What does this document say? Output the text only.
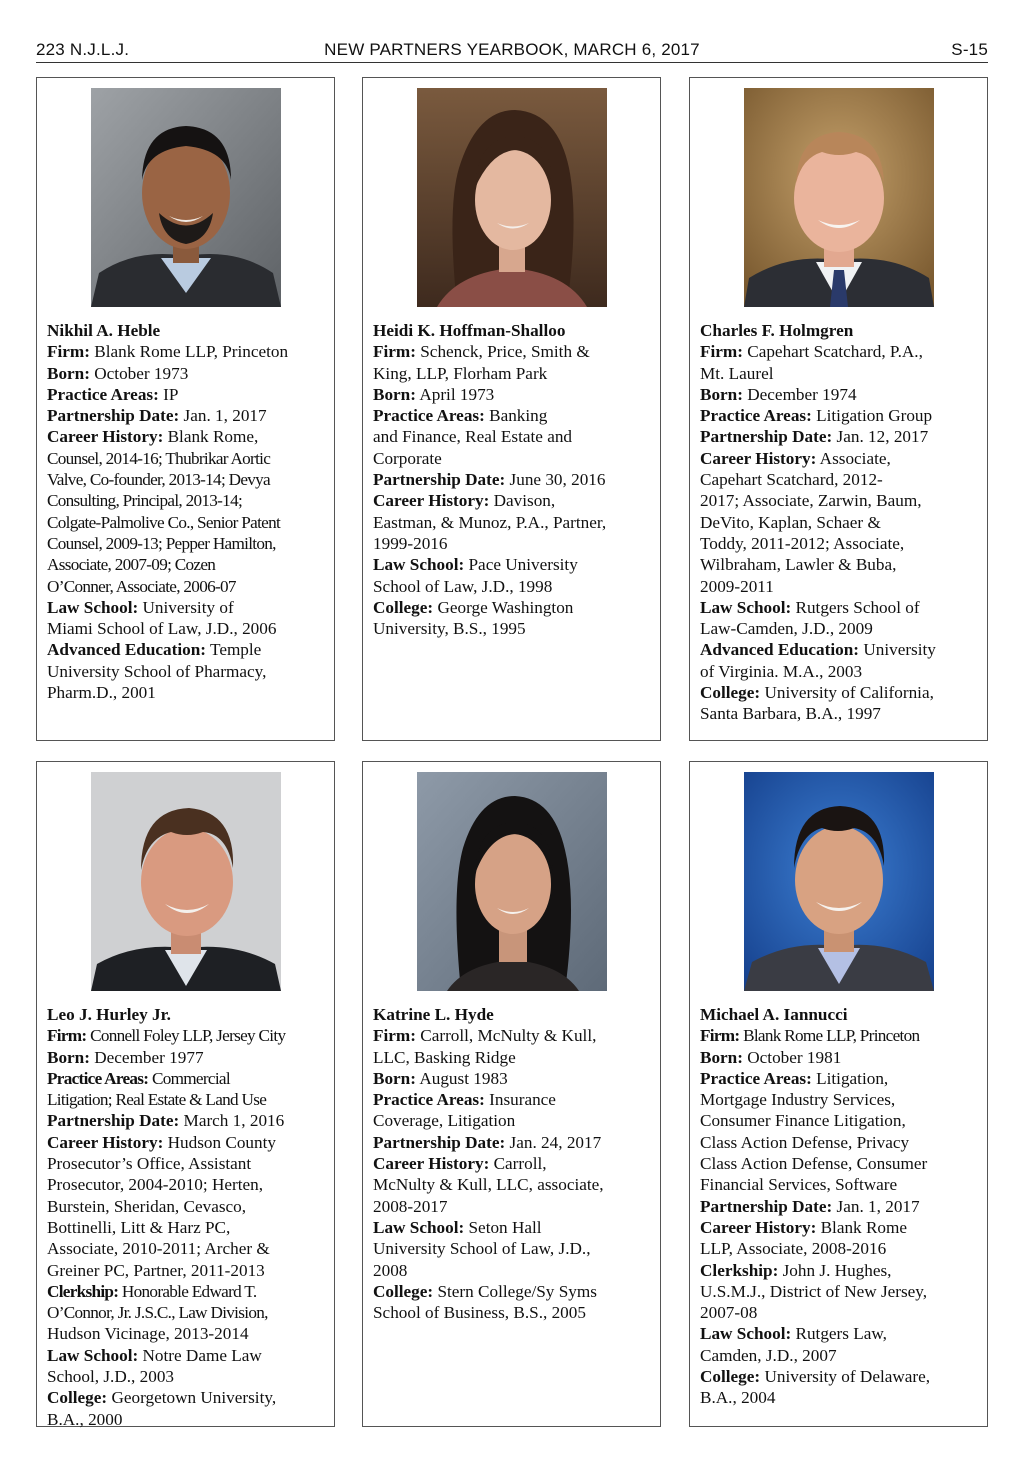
223 N.J.L.J.	NEW PARTNERS YEARBOOK, MARCH 6, 2017	S-15

Nikhil A. Heble

Firm: Blank Rome LLP, Princeton

Born: October 1973

Practice Areas: IP

Partnership Date: Jan. 1, 2017

Career History: Blank Rome,

Counsel, 2014-16; Thubrikar Aortic

Valve, Co-founder, 2013-14; Devya

Consulting, Principal, 2013-14;

Colgate-Palmolive Co., Senior Patent

Counsel, 2009-13; Pepper Hamilton,

Associate, 2007-09; Cozen

O’Conner, Associate, 2006-07

Law School: University of

Miami School of Law, J.D., 2006

Advanced Education: Temple

University School of Pharmacy,

Pharm.D., 2001

Heidi K. Hoffman-Shalloo

Firm: Schenck, Price, Smith &

King, LLP, Florham Park

Born: April 1973

Practice Areas: Banking

and Finance, Real Estate and

Corporate

Partnership Date: June 30, 2016

Career History: Davison,

Eastman, & Munoz, P.A., Partner,

1999-2016

Law School: Pace University

School of Law, J.D., 1998

College: George Washington

University, B.S., 1995

Charles F. Holmgren

Firm: Capehart Scatchard, P.A.,

Mt. Laurel

Born: December 1974

Practice Areas: Litigation Group

Partnership Date: Jan. 12, 2017

Career History: Associate,

Capehart Scatchard, 2012-

2017; Associate, Zarwin, Baum,

DeVito, Kaplan, Schaer &

Toddy, 2011-2012; Associate,

Wilbraham, Lawler & Buba,

2009-2011

Law School: Rutgers School of

Law-Camden, J.D., 2009

Advanced Education: University

of Virginia. M.A., 2003

College: University of California,

Santa Barbara, B.A., 1997

Leo J. Hurley Jr.

Firm: Connell Foley LLP, Jersey City

Born: December 1977

Practice Areas: Commercial

Litigation; Real Estate & Land Use

Partnership Date: March 1, 2016

Career History: Hudson County

Prosecutor’s Office, Assistant

Prosecutor, 2004-2010; Herten,

Burstein, Sheridan, Cevasco,

Bottinelli, Litt & Harz PC,

Associate, 2010-2011; Archer &

Greiner PC, Partner, 2011-2013

Clerkship: Honorable Edward T.

O’Connor, Jr. J.S.C., Law Division,

Hudson Vicinage, 2013-2014

Law School: Notre Dame Law

School, J.D., 2003

College: Georgetown University,

B.A., 2000

Katrine L. Hyde

Firm: Carroll, McNulty & Kull,

LLC, Basking Ridge

Born: August 1983

Practice Areas: Insurance

Coverage, Litigation

Partnership Date: Jan. 24, 2017

Career History: Carroll,

McNulty & Kull, LLC, associate,

2008-2017

Law School: Seton Hall

University School of Law, J.D.,

2008

College: Stern College/Sy Syms

School of Business, B.S., 2005

Michael A. Iannucci

Firm: Blank Rome LLP, Princeton

Born: October 1981

Practice Areas: Litigation,

Mortgage Industry Services,

Consumer Finance Litigation,

Class Action Defense, Privacy

Class Action Defense, Consumer

Financial Services, Software

Partnership Date: Jan. 1, 2017

Career History: Blank Rome

LLP, Associate, 2008-2016

Clerkship: John J. Hughes,

U.S.M.J., District of New Jersey,

2007-08

Law School: Rutgers Law,

Camden, J.D., 2007

College: University of Delaware,

B.A., 2004
